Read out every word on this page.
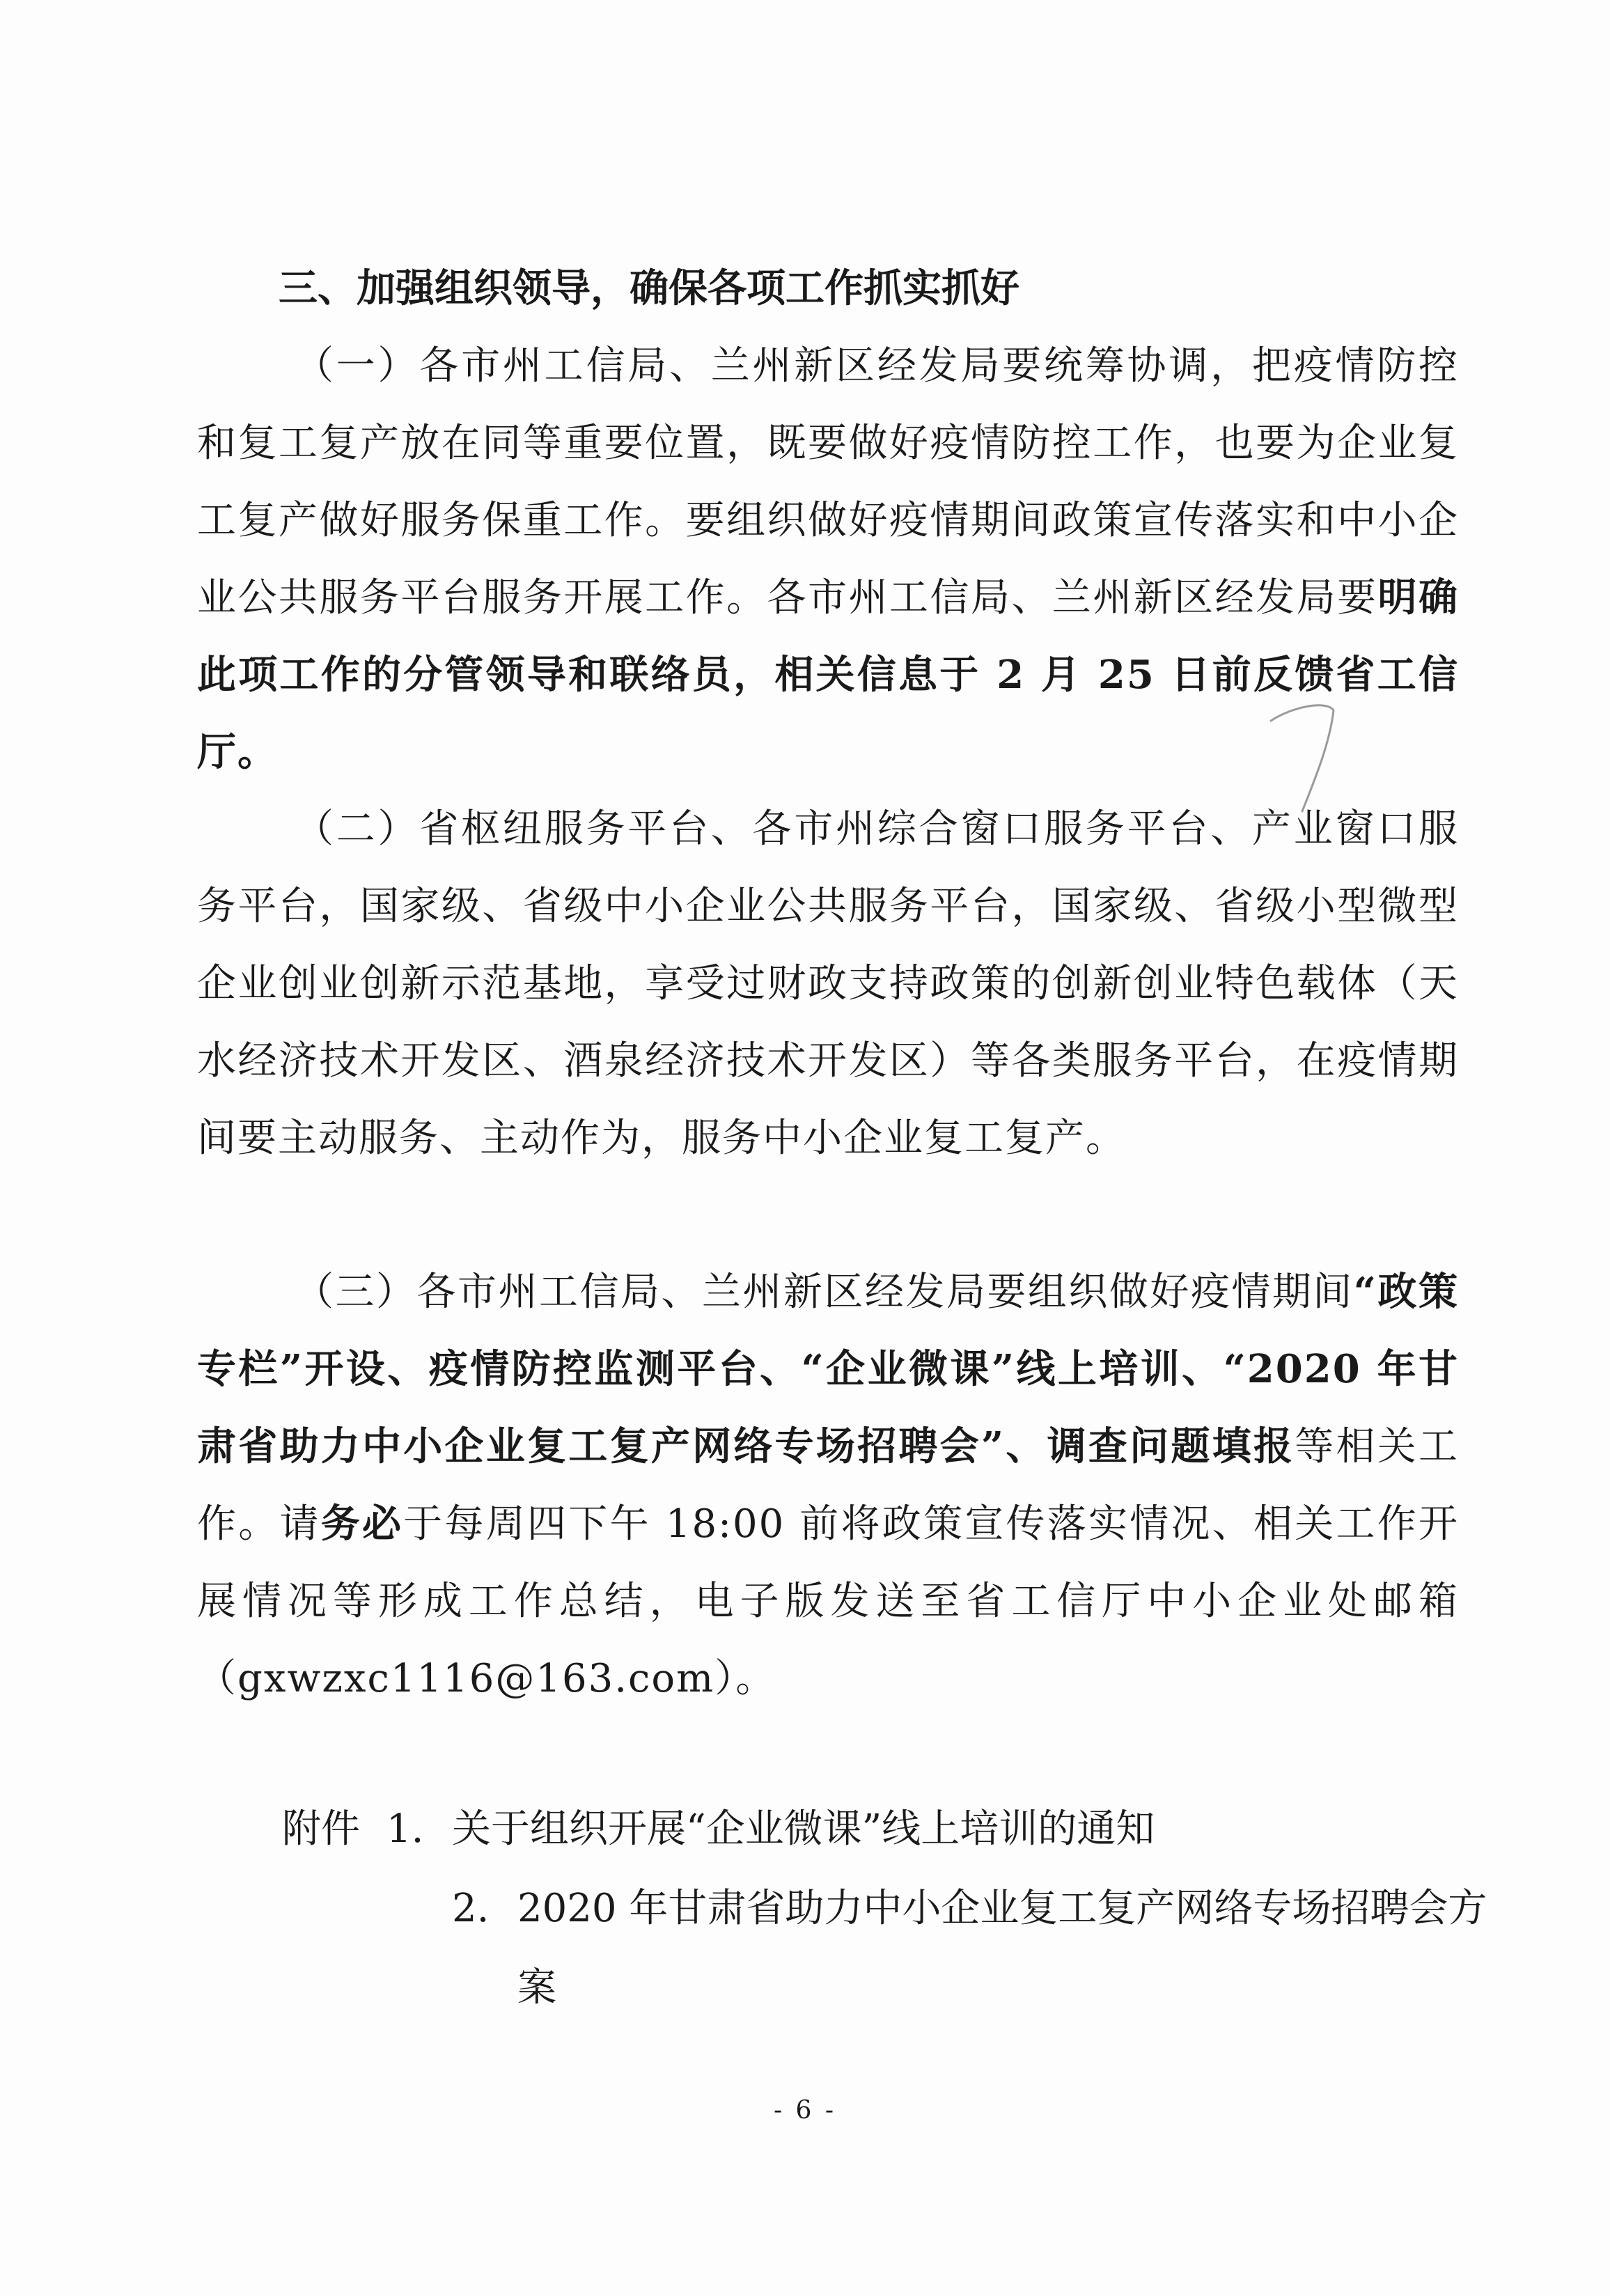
三、加强组织领导，确保各项工作抓实抓好

（一）各市州工信局、兰州新区经发局要统筹协调，把疫情防控和复工复产放在同等重要位置，既要做好疫情防控工作，也要为企业复工复产做好服务保重工作。要组织做好疫情期间政策宣传落实和中小企业公共服务平台服务开展工作。各市州工信局、兰州新区经发局要明确此项工作的分管领导和联络员，相关信息于 2 月 25 日前反馈省工信厅。

（二）省枢纽服务平台、各市州综合窗口服务平台、产业窗口服务平台，国家级、省级中小企业公共服务平台，国家级、省级小型微型企业创业创新示范基地，享受过财政支持政策的创新创业特色载体（天水经济技术开发区、酒泉经济技术开发区）等各类服务平台，在疫情期间要主动服务、主动作为，服务中小企业复工复产。

（三）各市州工信局、兰州新区经发局要组织做好疫情期间“政策专栏”开设、疫情防控监测平台、“企业微课”线上培训、“2020 年甘肃省助力中小企业复工复产网络专场招聘会”、调查问题填报等相关工作。请务必于每周四下午 18:00 前将政策宣传落实情况、相关工作开展情况等形成工作总结，电子版发送至省工信厅中小企业处邮箱（gxwzxc1116@163.com）。

附件 1. 关于组织开展“企业微课”线上培训的通知
2. 2020 年甘肃省助力中小企业复工复产网络专场招聘会方案

- 6 -
